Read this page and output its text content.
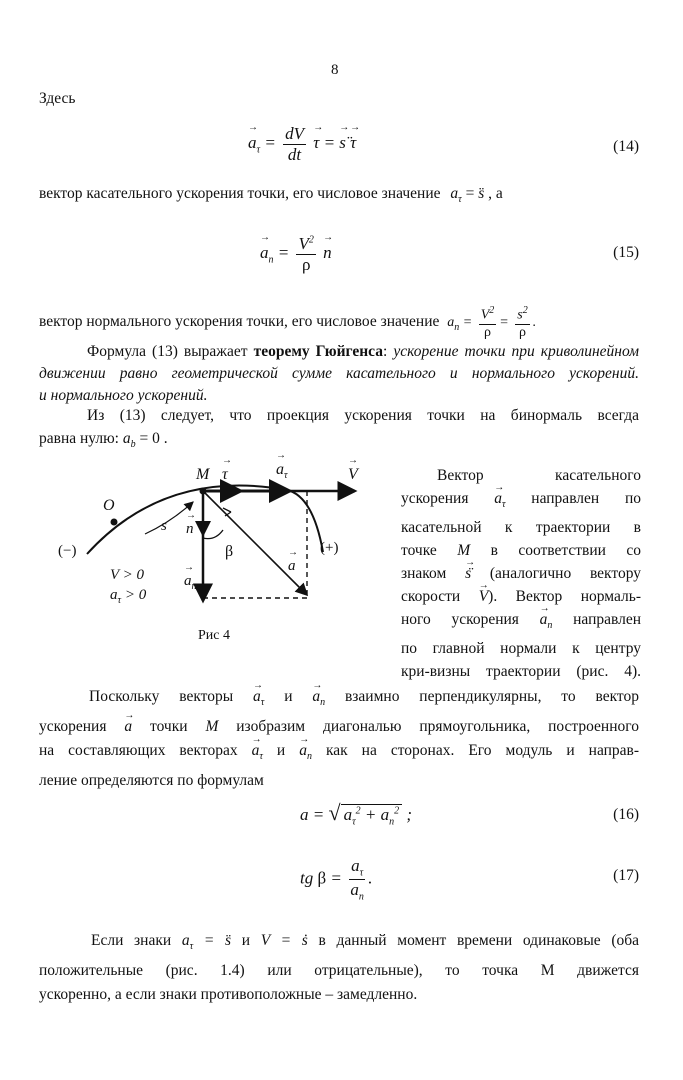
8
Здесь
→ $a_\tau = \frac{dV}{dt} \to \tau$ = → s̈ → τ	(14)
вектор касательного ускорения точки, его числовое значение $a_\tau$ = s̈ , а
→ $a_n = \frac{V^2}{\rho} \to n$	(15)
вектор нормального ускорения точки, его числовое значение $a_n = \frac{V^2}{\rho} = \frac{s^2}{\rho}$ .
Формула (13) выражает теорему Гюйгенса: ускорение точки при криволинейном движении равно геометрической сумме касательного и нормального ускорений.
и нормального ускорений.
Из (13) следует, что проекция ускорения точки на бинормаль всегда
равна нулю: $a_b = 0$ .
O
M → τ	→ $a_\tau$	→ V
s → n
(−)	(+)
β
→ a
V > 0
$a_\tau > 0$
→ $a_n$
Рис 4
Вектор касательного
ускорения → $a_\tau$ направлен по
касательной к траектории в
точке M в соответствии со
знаком → s̈ (аналогично вектору
скорости → V). Вектор нормаль-
ного ускорения → $a_n$ направлен
по главной нормали к центру
кри-визны траектории (рис. 4).
Поскольку векторы → $a_\tau$ $и \to a_n$ взаимно перпендикулярны, то вектор
ускорения → a точки M изобразим диагональю прямоугольника, построенного
на составляющих векторах → $a_\tau$ $и \to a_n$ как на сторонах. Его модуль и направ-
ление определяются по формулам
a = √ $a_\tau^2 + a_n^2$ ;	(16)
tg $\beta = \frac{a_\tau}{a_n}$ .	(17)
Если знаки $a_\tau$ = s̈ и V = ṡ в данный момент времени одинаковые (оба
положительные (рис. 1.4) или отрицательные), то точка M движется
ускоренно, а если знаки противоположные – замедленно.
